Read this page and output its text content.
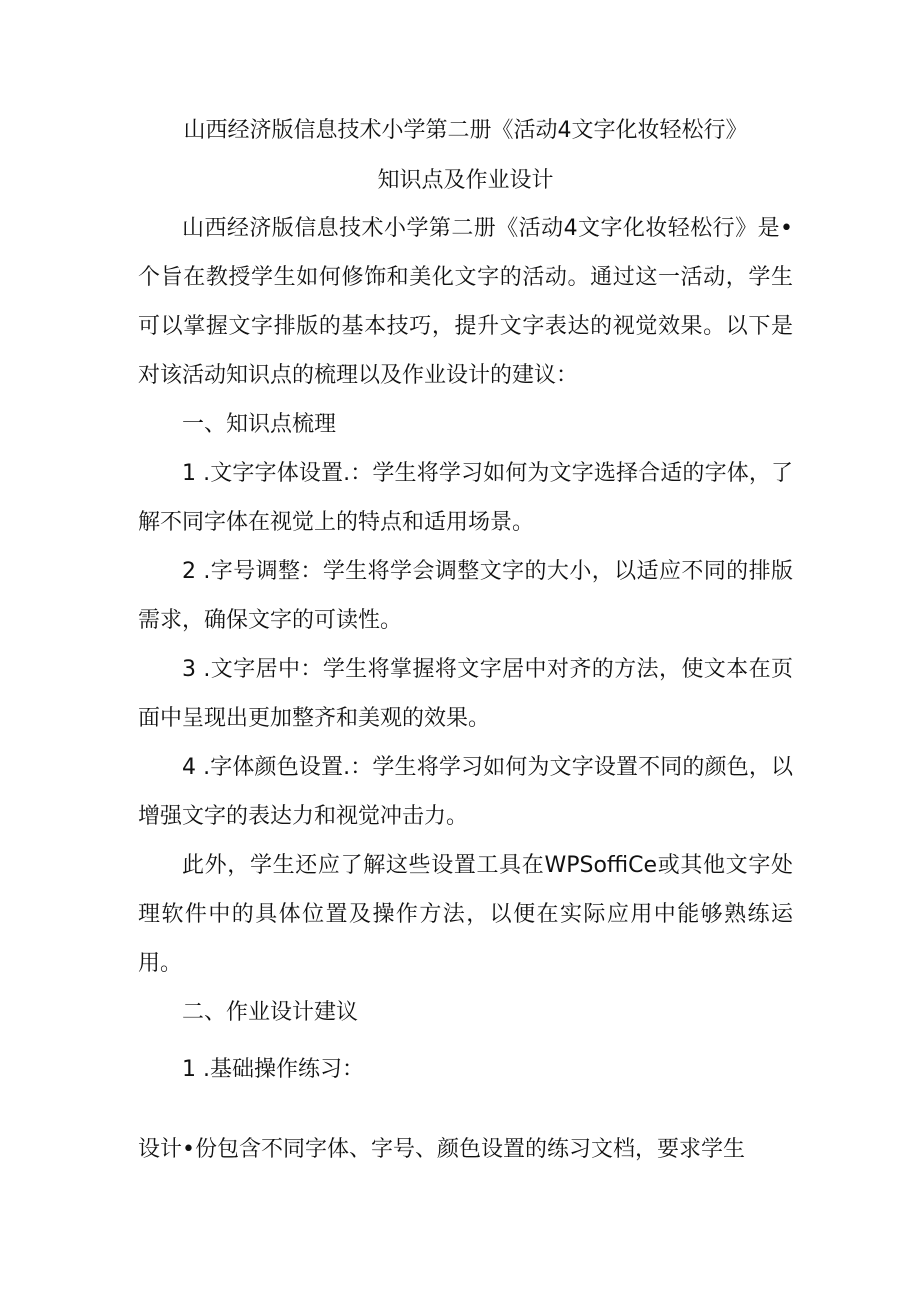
山西经济版信息技术小学第二册《活动4文字化妆轻松行》
知识点及作业设计

山西经济版信息技术小学第二册《活动4文字化妆轻松行》是•个旨在教授学生如何修饰和美化文字的活动。通过这一活动，学生可以掌握文字排版的基本技巧，提升文字表达的视觉效果。以下是对该活动知识点的梳理以及作业设计的建议：

一、知识点梳理

1 .文字字体设置.：学生将学习如何为文字选择合适的字体，了解不同字体在视觉上的特点和适用场景。

2 .字号调整：学生将学会调整文字的大小，以适应不同的排版需求，确保文字的可读性。

3 .文字居中：学生将掌握将文字居中对齐的方法，使文本在页面中呈现出更加整齐和美观的效果。

4 .字体颜色设置.：学生将学习如何为文字设置不同的颜色，以增强文字的表达力和视觉冲击力。

此外，学生还应了解这些设置工具在WPSoffiCe或其他文字处理软件中的具体位置及操作方法，以便在实际应用中能够熟练运用。

二、作业设计建议

1 .基础操作练习：

设计•份包含不同字体、字号、颜色设置的练习文档，要求学生
